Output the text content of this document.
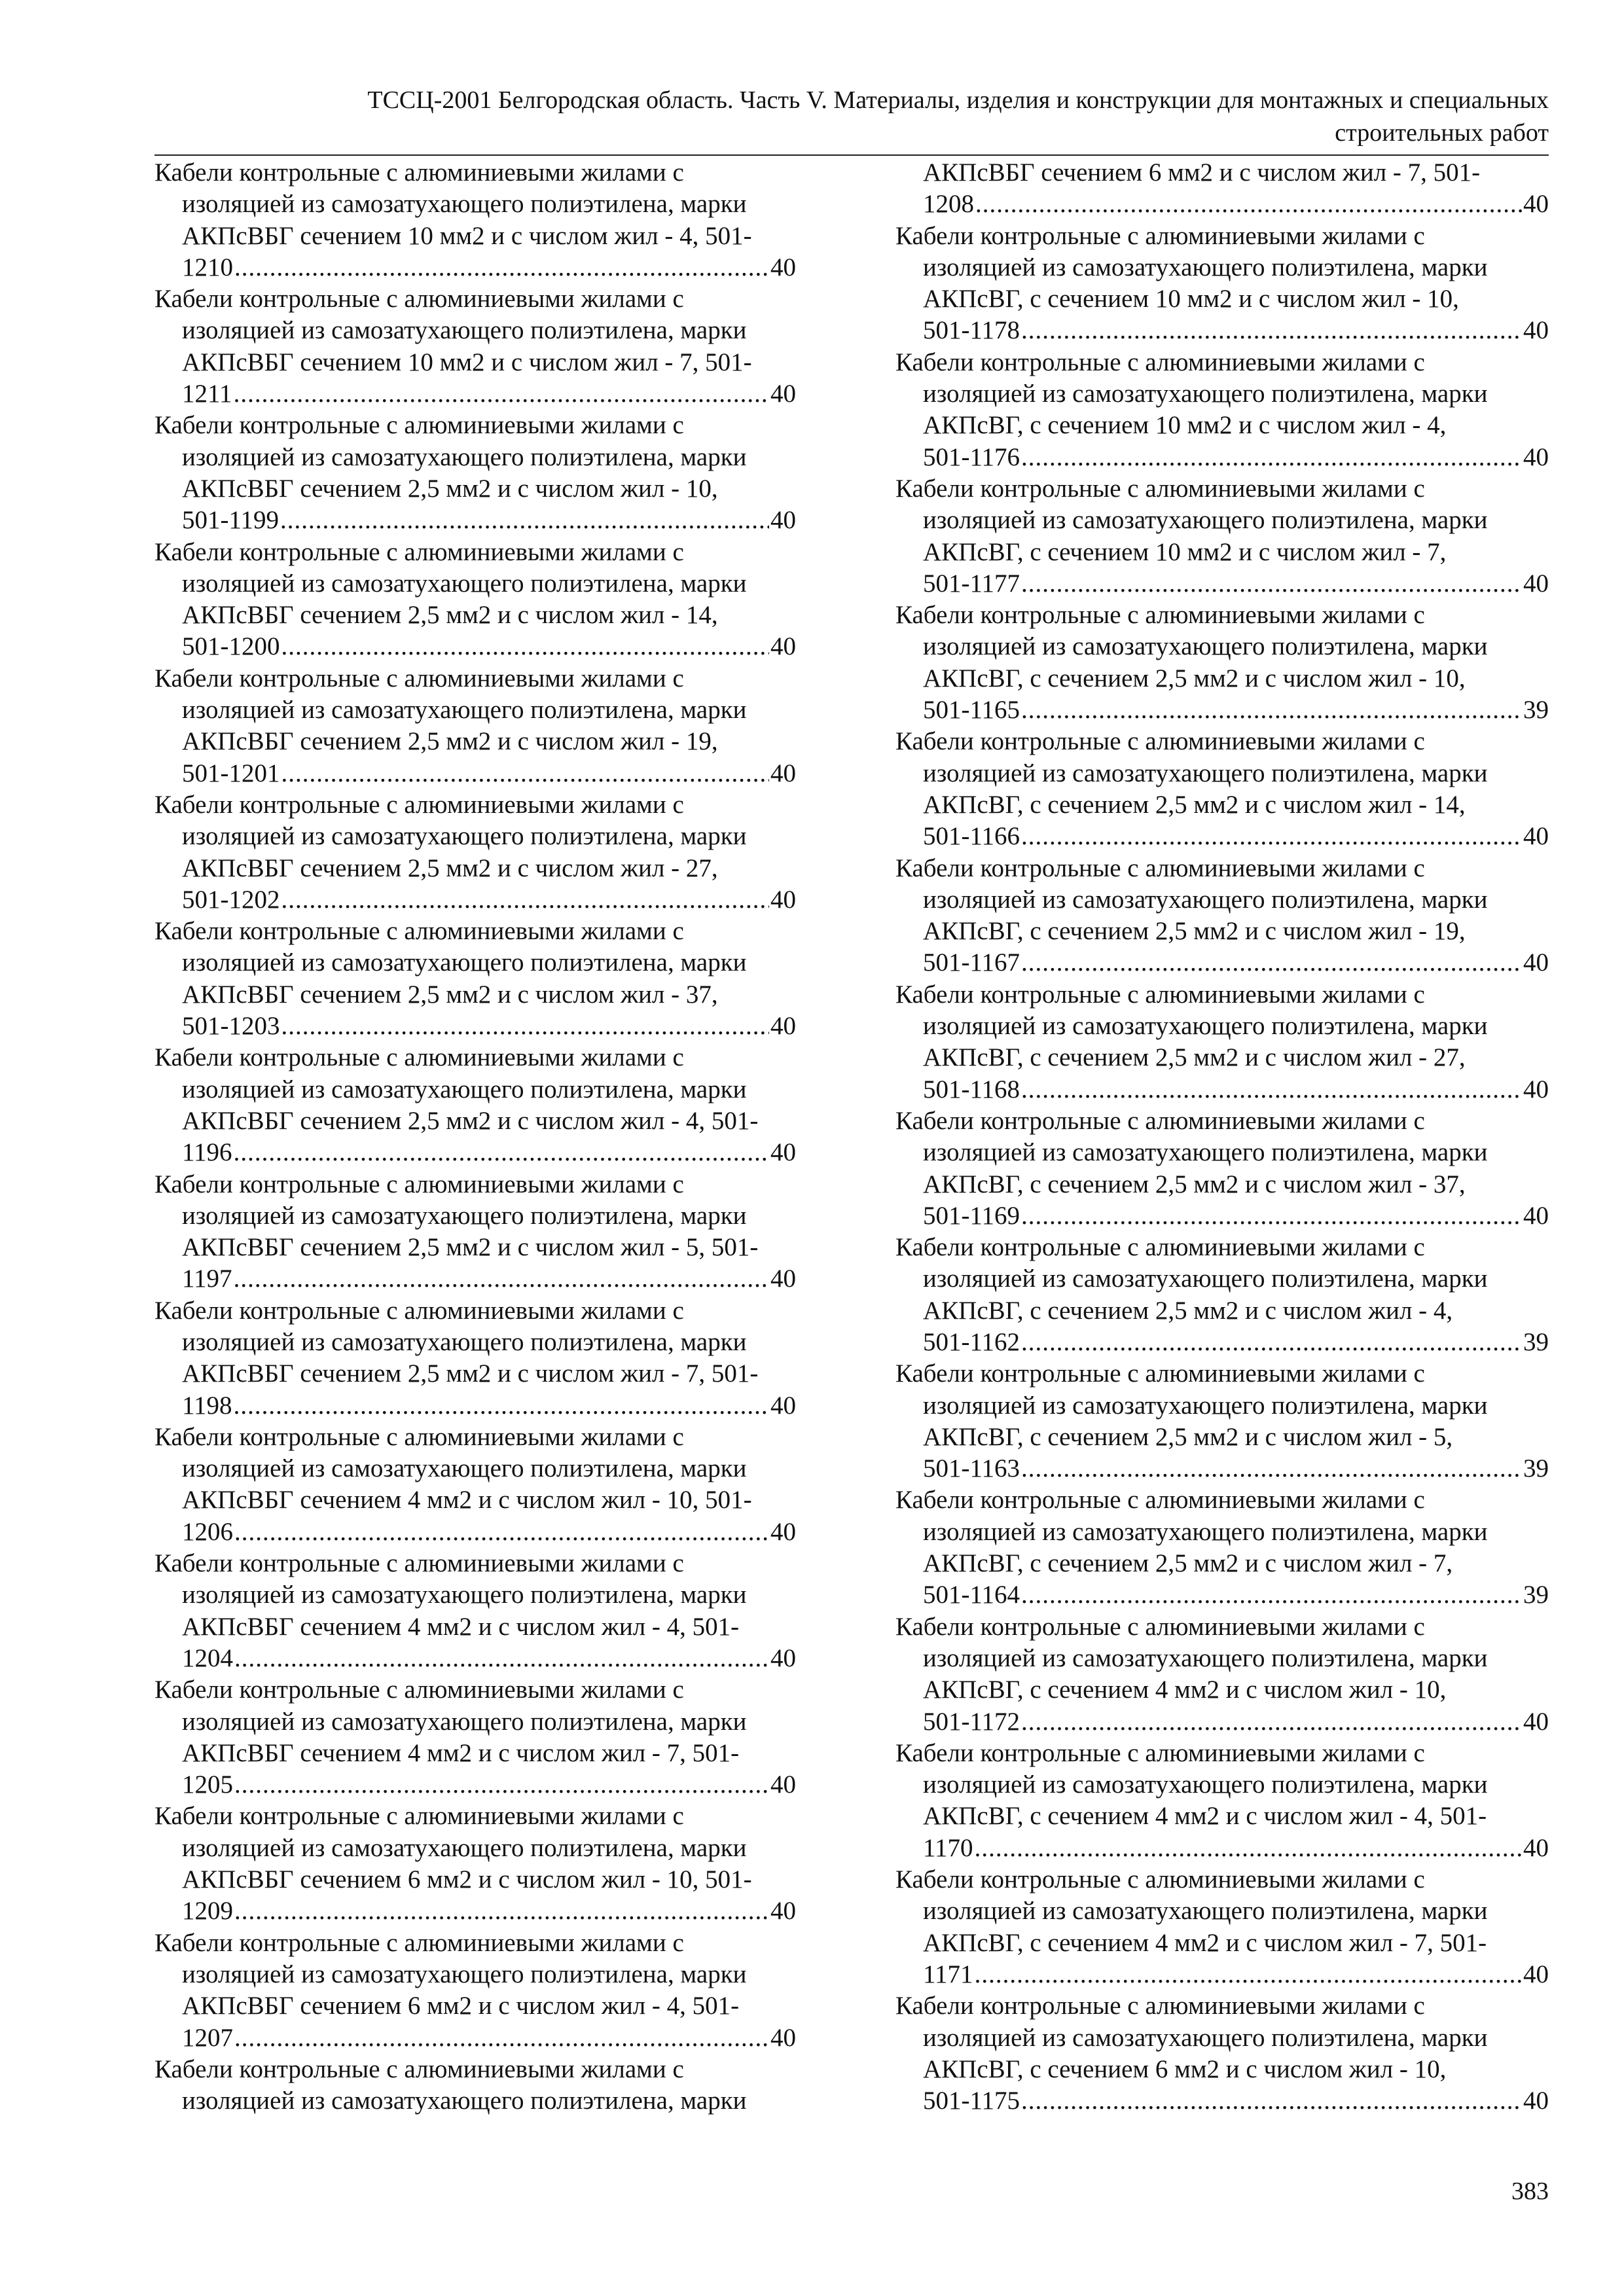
ТССЦ-2001 Белгородская область. Часть V. Материалы, изделия и конструкции для монтажных и специальных
строительных работ
Кабели контрольные с алюминиевыми жилами с
изоляцией из самозатухающего полиэтилена, марки
АКПсВБГ сечением 10 мм2 и с числом жил - 4, 501-
1210 .....	40
Кабели контрольные с алюминиевыми жилами с
изоляцией из самозатухающего полиэтилена, марки
АКПсВБГ сечением 10 мм2 и с числом жил - 7, 501-
1211 .....	40
Кабели контрольные с алюминиевыми жилами с
изоляцией из самозатухающего полиэтилена, марки
АКПсВБГ сечением 2,5 мм2 и с числом жил - 10,
501-1199 .....	40
Кабели контрольные с алюминиевыми жилами с
изоляцией из самозатухающего полиэтилена, марки
АКПсВБГ сечением 2,5 мм2 и с числом жил - 14,
501-1200 .....	40
Кабели контрольные с алюминиевыми жилами с
изоляцией из самозатухающего полиэтилена, марки
АКПсВБГ сечением 2,5 мм2 и с числом жил - 19,
501-1201 .....	40
Кабели контрольные с алюминиевыми жилами с
изоляцией из самозатухающего полиэтилена, марки
АКПсВБГ сечением 2,5 мм2 и с числом жил - 27,
501-1202 .....	40
Кабели контрольные с алюминиевыми жилами с
изоляцией из самозатухающего полиэтилена, марки
АКПсВБГ сечением 2,5 мм2 и с числом жил - 37,
501-1203 .....	40
Кабели контрольные с алюминиевыми жилами с
изоляцией из самозатухающего полиэтилена, марки
АКПсВБГ сечением 2,5 мм2 и с числом жил - 4, 501-
1196 .....	40
Кабели контрольные с алюминиевыми жилами с
изоляцией из самозатухающего полиэтилена, марки
АКПсВБГ сечением 2,5 мм2 и с числом жил - 5, 501-
1197 .....	40
Кабели контрольные с алюминиевыми жилами с
изоляцией из самозатухающего полиэтилена, марки
АКПсВБГ сечением 2,5 мм2 и с числом жил - 7, 501-
1198 .....	40
Кабели контрольные с алюминиевыми жилами с
изоляцией из самозатухающего полиэтилена, марки
АКПсВБГ сечением 4 мм2 и с числом жил - 10, 501-
1206 .....	40
Кабели контрольные с алюминиевыми жилами с
изоляцией из самозатухающего полиэтилена, марки
АКПсВБГ сечением 4 мм2 и с числом жил - 4, 501-
1204 .....	40
Кабели контрольные с алюминиевыми жилами с
изоляцией из самозатухающего полиэтилена, марки
АКПсВБГ сечением 4 мм2 и с числом жил - 7, 501-
1205 .....	40
Кабели контрольные с алюминиевыми жилами с
изоляцией из самозатухающего полиэтилена, марки
АКПсВБГ сечением 6 мм2 и с числом жил - 10, 501-
1209 .....	40
Кабели контрольные с алюминиевыми жилами с
изоляцией из самозатухающего полиэтилена, марки
АКПсВБГ сечением 6 мм2 и с числом жил - 4, 501-
1207 .....	40
Кабели контрольные с алюминиевыми жилами с
изоляцией из самозатухающего полиэтилена, марки
АКПсВБГ сечением 6 мм2 и с числом жил - 7, 501-
1208 .....	40
Кабели контрольные с алюминиевыми жилами с
изоляцией из самозатухающего полиэтилена, марки
АКПсВГ, с сечением 10 мм2 и с числом жил - 10,
501-1178 .....	40
Кабели контрольные с алюминиевыми жилами с
изоляцией из самозатухающего полиэтилена, марки
АКПсВГ, с сечением 10 мм2 и с числом жил - 4,
501-1176 .....	40
Кабели контрольные с алюминиевыми жилами с
изоляцией из самозатухающего полиэтилена, марки
АКПсВГ, с сечением 10 мм2 и с числом жил - 7,
501-1177 .....	40
Кабели контрольные с алюминиевыми жилами с
изоляцией из самозатухающего полиэтилена, марки
АКПсВГ, с сечением 2,5 мм2 и с числом жил - 10,
501-1165 .....	39
Кабели контрольные с алюминиевыми жилами с
изоляцией из самозатухающего полиэтилена, марки
АКПсВГ, с сечением 2,5 мм2 и с числом жил - 14,
501-1166 .....	40
Кабели контрольные с алюминиевыми жилами с
изоляцией из самозатухающего полиэтилена, марки
АКПсВГ, с сечением 2,5 мм2 и с числом жил - 19,
501-1167 .....	40
Кабели контрольные с алюминиевыми жилами с
изоляцией из самозатухающего полиэтилена, марки
АКПсВГ, с сечением 2,5 мм2 и с числом жил - 27,
501-1168 .....	40
Кабели контрольные с алюминиевыми жилами с
изоляцией из самозатухающего полиэтилена, марки
АКПсВГ, с сечением 2,5 мм2 и с числом жил - 37,
501-1169 .....	40
Кабели контрольные с алюминиевыми жилами с
изоляцией из самозатухающего полиэтилена, марки
АКПсВГ, с сечением 2,5 мм2 и с числом жил - 4,
501-1162 .....	39
Кабели контрольные с алюминиевыми жилами с
изоляцией из самозатухающего полиэтилена, марки
АКПсВГ, с сечением 2,5 мм2 и с числом жил - 5,
501-1163 .....	39
Кабели контрольные с алюминиевыми жилами с
изоляцией из самозатухающего полиэтилена, марки
АКПсВГ, с сечением 2,5 мм2 и с числом жил - 7,
501-1164 .....	39
Кабели контрольные с алюминиевыми жилами с
изоляцией из самозатухающего полиэтилена, марки
АКПсВГ, с сечением 4 мм2 и с числом жил - 10,
501-1172 .....	40
Кабели контрольные с алюминиевыми жилами с
изоляцией из самозатухающего полиэтилена, марки
АКПсВГ, с сечением 4 мм2 и с числом жил - 4, 501-
1170 .....	40
Кабели контрольные с алюминиевыми жилами с
изоляцией из самозатухающего полиэтилена, марки
АКПсВГ, с сечением 4 мм2 и с числом жил - 7, 501-
1171 .....	40
Кабели контрольные с алюминиевыми жилами с
изоляцией из самозатухающего полиэтилена, марки
АКПсВГ, с сечением 6 мм2 и с числом жил - 10,
501-1175 .....	40
383
